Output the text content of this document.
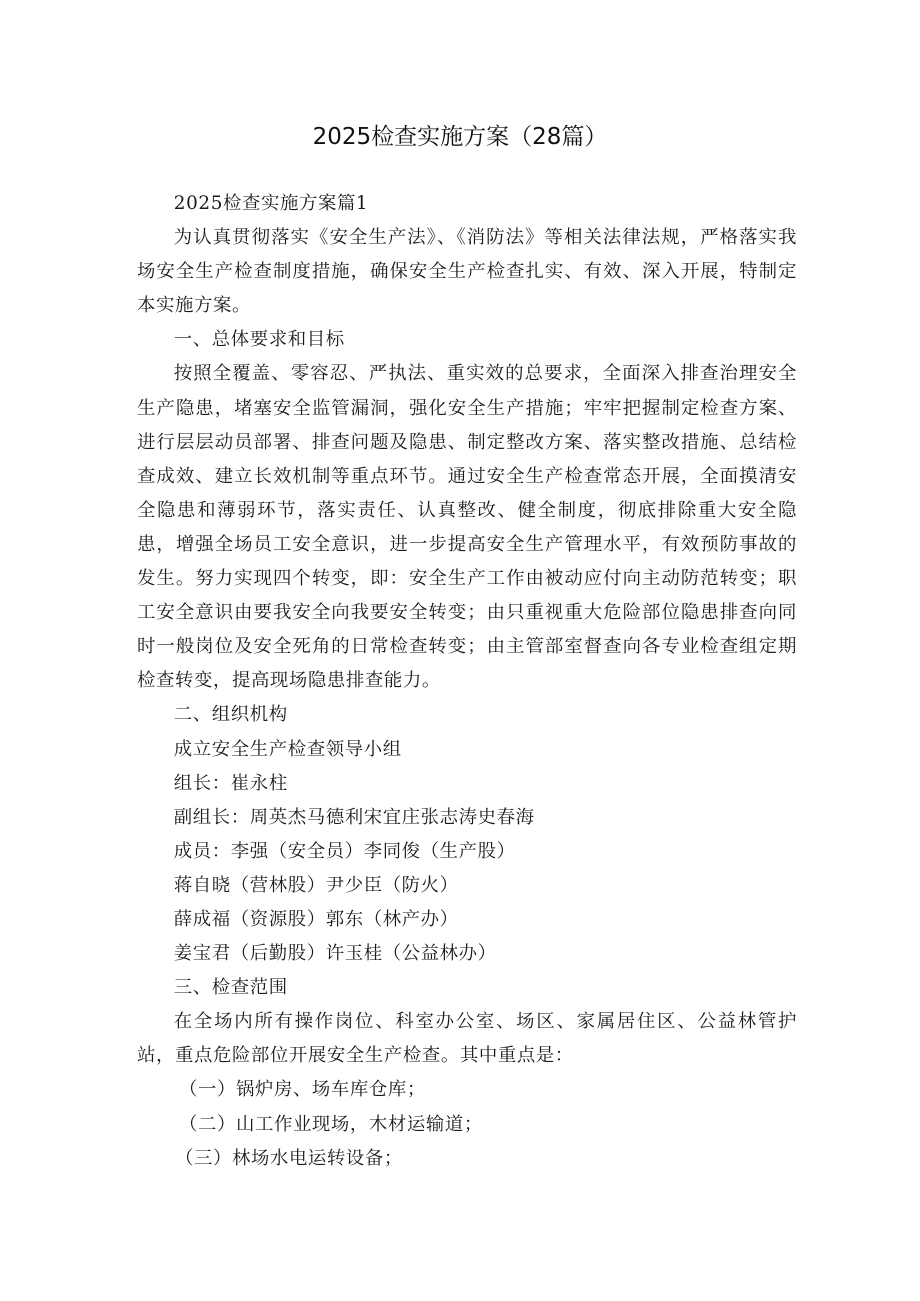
2025检查实施方案（28篇）

2025检查实施方案篇1

为认真贯彻落实《安全生产法》、《消防法》等相关法律法规，严格落实我场安全生产检查制度措施，确保安全生产检查扎实、有效、深入开展，特制定本实施方案。

一、总体要求和目标

按照全覆盖、零容忍、严执法、重实效的总要求，全面深入排查治理安全生产隐患，堵塞安全监管漏洞，强化安全生产措施；牢牢把握制定检查方案、进行层层动员部署、排查问题及隐患、制定整改方案、落实整改措施、总结检查成效、建立长效机制等重点环节。通过安全生产检查常态开展，全面摸清安全隐患和薄弱环节，落实责任、认真整改、健全制度，彻底排除重大安全隐患，增强全场员工安全意识，进一步提高安全生产管理水平，有效预防事故的发生。努力实现四个转变，即：安全生产工作由被动应付向主动防范转变；职工安全意识由要我安全向我要安全转变；由只重视重大危险部位隐患排查向同时一般岗位及安全死角的日常检查转变；由主管部室督查向各专业检查组定期检查转变，提高现场隐患排查能力。

二、组织机构

成立安全生产检查领导小组

组长：崔永柱

副组长：周英杰马德利宋宜庄张志涛史春海

成员：李强（安全员）李同俊（生产股）

蒋自晓（营林股）尹少臣（防火）

薛成福（资源股）郭东（林产办）

姜宝君（后勤股）许玉桂（公益林办）

三、检查范围

在全场内所有操作岗位、科室办公室、场区、家属居住区、公益林管护站，重点危险部位开展安全生产检查。其中重点是：

（一）锅炉房、场车库仓库；

（二）山工作业现场，木材运输道；

（三）林场水电运转设备；
